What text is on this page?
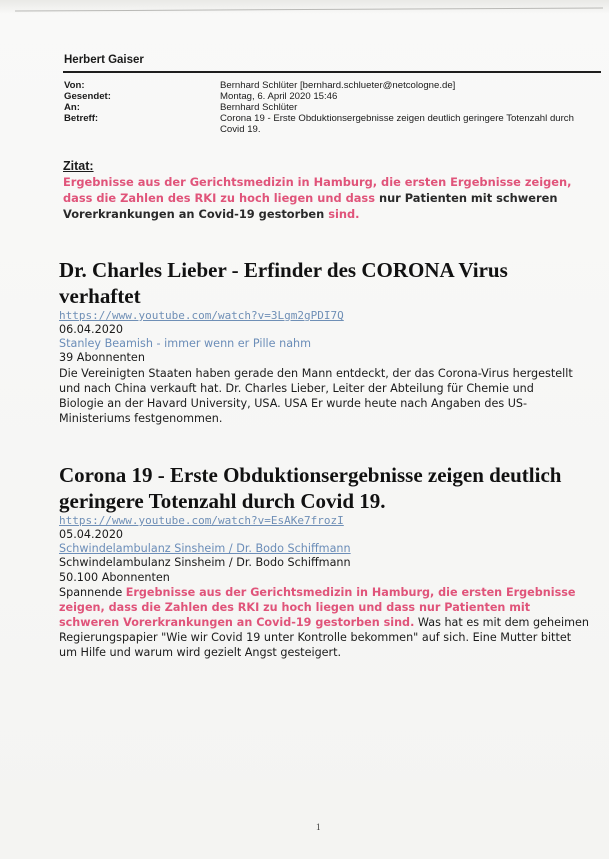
Herbert Gaiser
Von:	Bernhard Schlüter [bernhard.schlueter@netcologne.de]
Gesendet:	Montag, 6. April 2020 15:46
An:	Bernhard Schlüter
Betreff:	Corona 19 - Erste Obduktionsergebnisse zeigen deutlich geringere Totenzahl durch Covid 19.
Zitat:
Ergebnisse aus der Gerichtsmedizin in Hamburg, die ersten Ergebnisse zeigen, dass die Zahlen des RKI zu hoch liegen und dass nur Patienten mit schweren Vorerkrankungen an Covid-19 gestorben sind.
Dr. Charles Lieber - Erfinder des CORONA Virus verhaftet
https://www.youtube.com/watch?v=3Lgm2gPDI7Q
06.04.2020
Stanley Beamish - immer wenn er Pille nahm
39 Abonnenten
Die Vereinigten Staaten haben gerade den Mann entdeckt, der das Corona-Virus hergestellt und nach China verkauft hat. Dr. Charles Lieber, Leiter der Abteilung für Chemie und Biologie an der Havard University, USA. USA Er wurde heute nach Angaben des US-Ministeriums festgenommen.
Corona 19 - Erste Obduktionsergebnisse zeigen deutlich geringere Totenzahl durch Covid 19.
https://www.youtube.com/watch?v=EsAKe7frozI
05.04.2020
Schwindelambulanz Sinsheim / Dr. Bodo Schiffmann
Schwindelambulanz Sinsheim / Dr. Bodo Schiffmann
50.100 Abonnenten
Spannende Ergebnisse aus der Gerichtsmedizin in Hamburg, die ersten Ergebnisse zeigen, dass die Zahlen des RKI zu hoch liegen und dass nur Patienten mit schweren Vorerkrankungen an Covid-19 gestorben sind. Was hat es mit dem geheimen Regierungspapier "Wie wir Covid 19 unter Kontrolle bekommen" auf sich. Eine Mutter bittet um Hilfe und warum wird gezielt Angst gesteigert.
1
